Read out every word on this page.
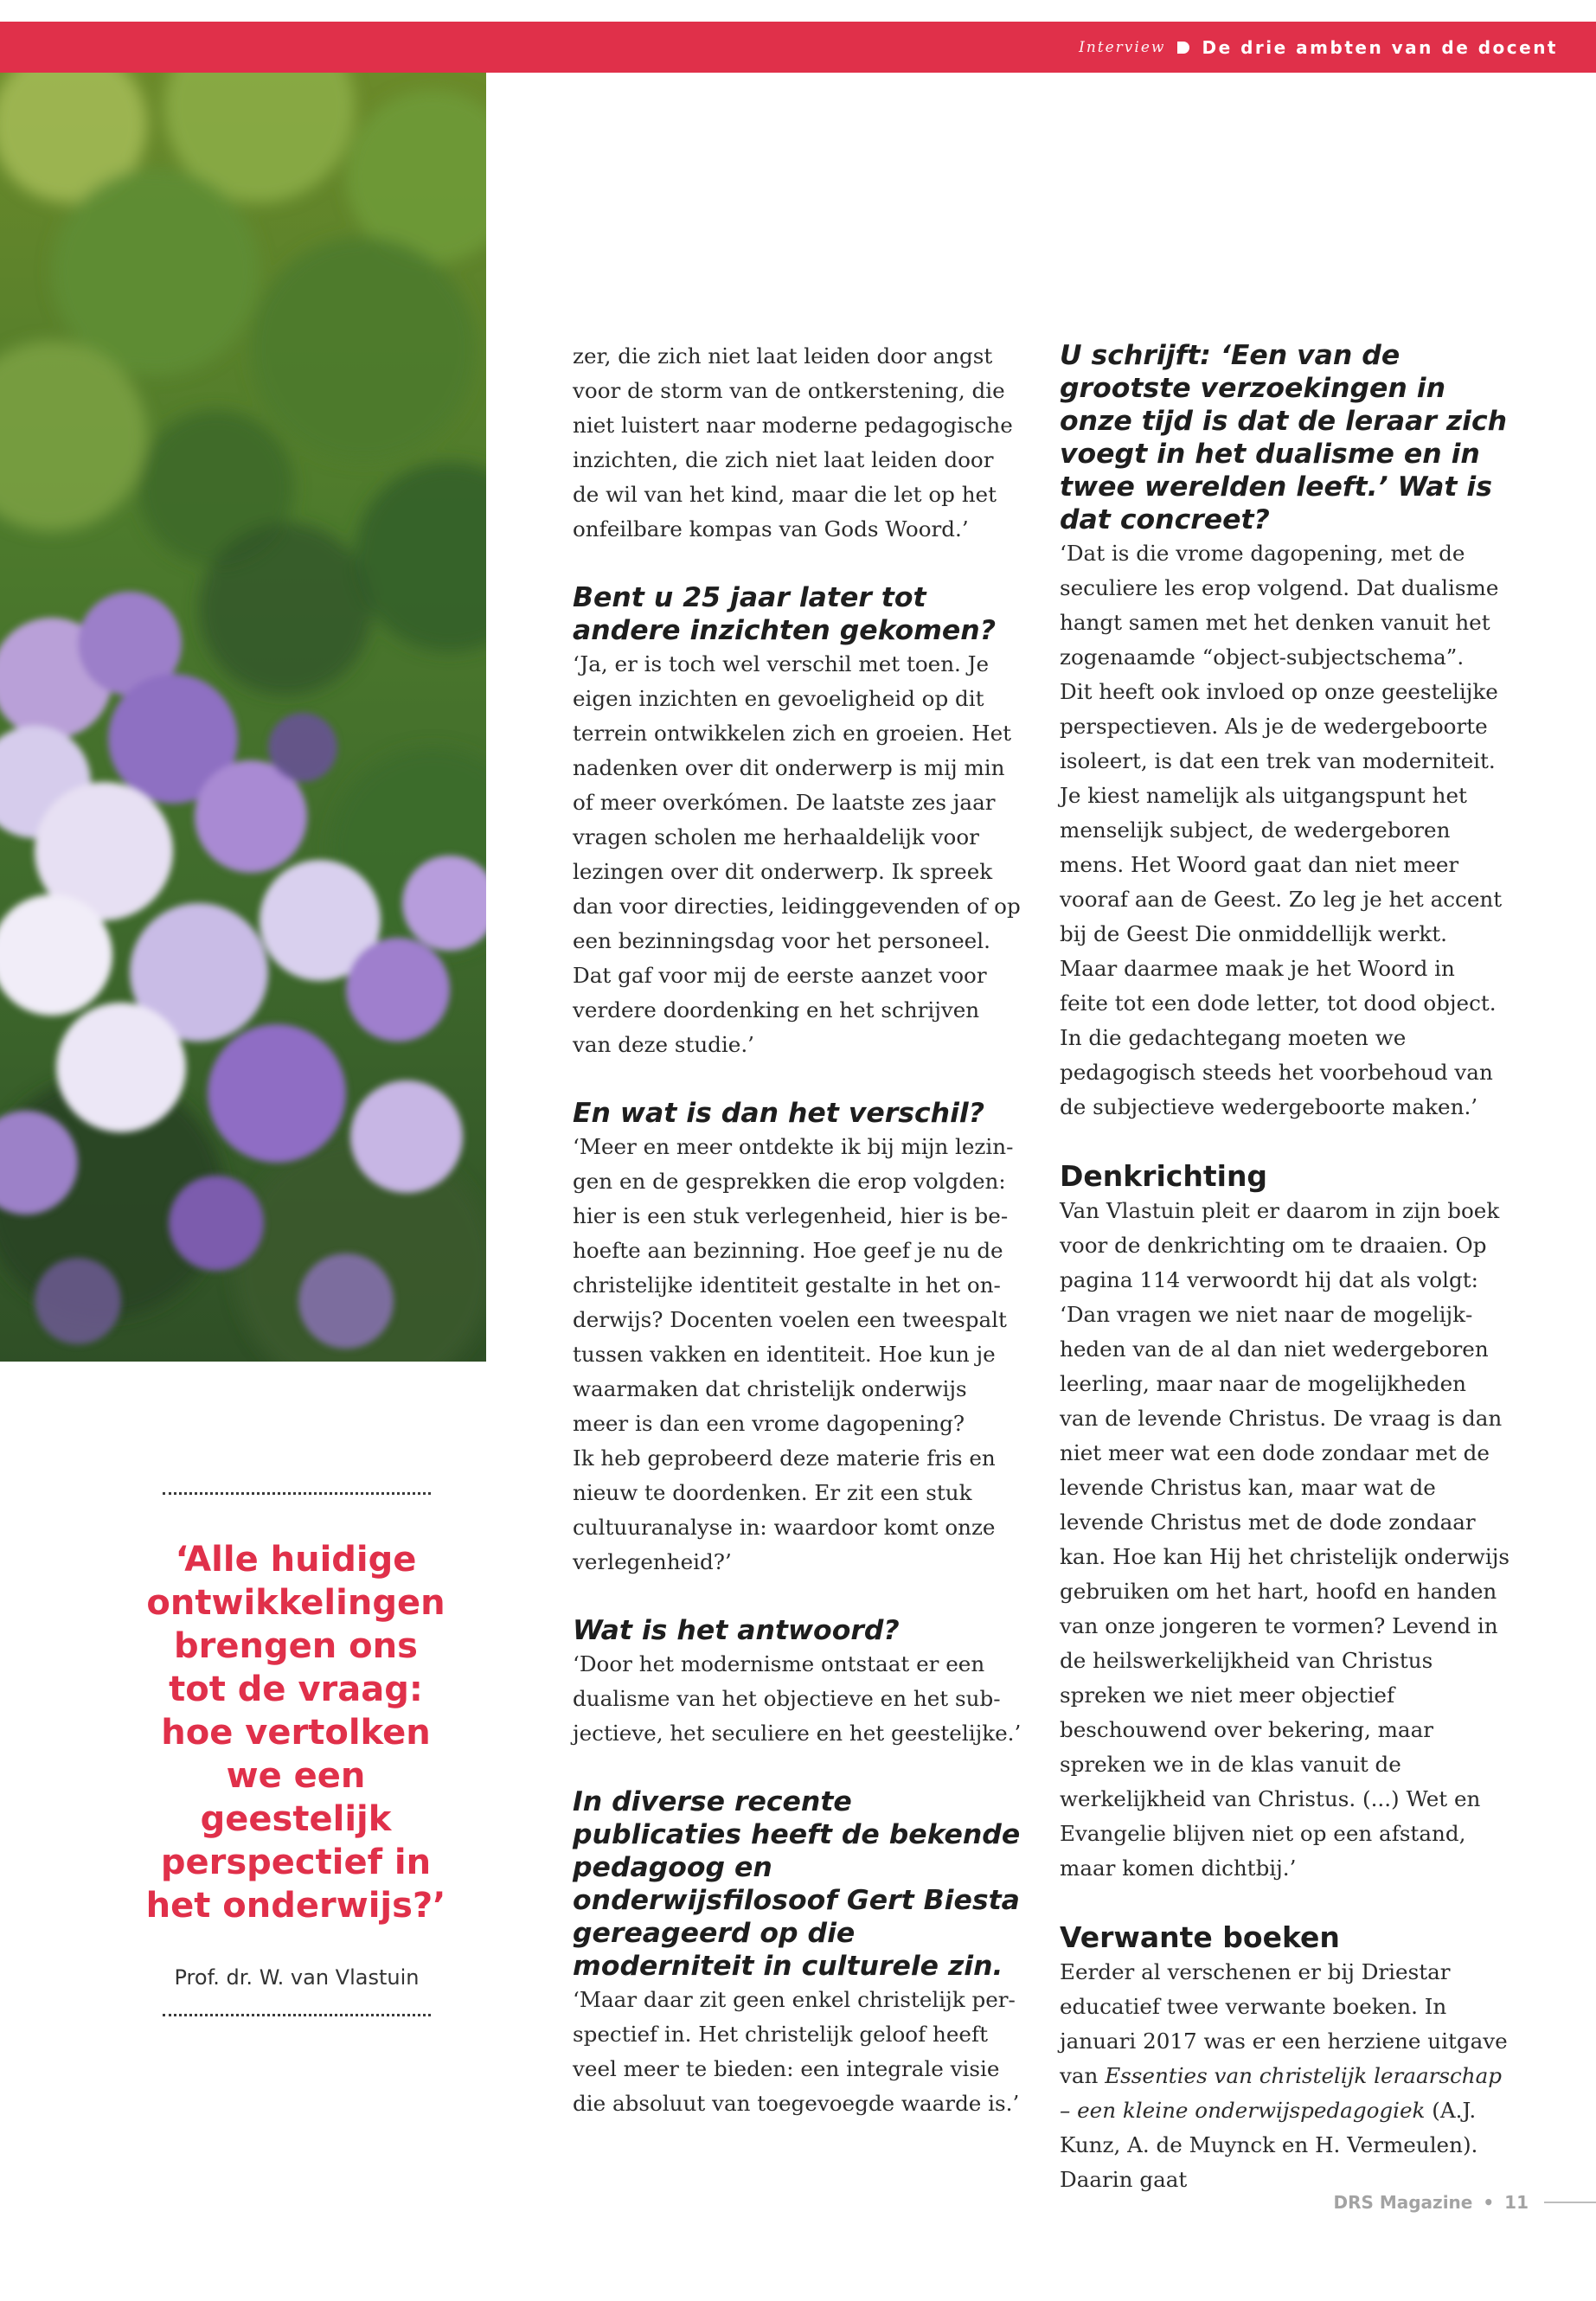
Interview De drie ambten van de docent
‘Alle huidige ontwikkelingen brengen ons tot de vraag: hoe vertolken we een geestelijk perspectief in het onderwijs?’
Prof. dr. W. van Vlastuin

zer, die zich niet laat leiden door angst voor de storm van de ontkerstening, die niet luistert naar moderne pedagogische inzichten, die zich niet laat leiden door de wil van het kind, maar die let op het onfeilbare kompas van Gods Woord.’

Bent u 25 jaar later tot andere inzichten gekomen?

‘Ja, er is toch wel verschil met toen. Je eigen inzichten en gevoeligheid op dit terrein ontwikkelen zich en groeien. Het nadenken over dit onderwerp is mij min of meer overkómen. De laatste zes jaar vragen scholen me herhaaldelijk voor lezingen over dit onderwerp. Ik spreek dan voor directies, leidinggevenden of op een bezinningsdag voor het personeel. Dat gaf voor mij de eerste aanzet voor verdere doordenking en het schrijven van deze studie.’

En wat is dan het verschil?

‘Meer en meer ontdekte ik bij mijn lezingen en de gesprekken die erop volgden: hier is een stuk verlegenheid, hier is behoefte aan bezinning. Hoe geef je nu de christelijke identiteit gestalte in het onderwijs? Docenten voelen een tweespalt tussen vakken en identiteit. Hoe kun je waarmaken dat christelijk onderwijs meer is dan een vrome dagopening?

Ik heb geprobeerd deze materie fris en nieuw te doordenken. Er zit een stuk cultuuranalyse in: waardoor komt onze verlegenheid?’

Wat is het antwoord?

‘Door het modernisme ontstaat er een dualisme van het objectieve en het subjectieve, het seculiere en het geestelijke.’

In diverse recente publicaties heeft de bekende pedagoog en onderwijsfilosoof Gert Biesta gereageerd op die moderniteit in culturele zin.

‘Maar daar zit geen enkel christelijk perspectief in. Het christelijk geloof heeft veel meer te bieden: een integrale visie die absoluut van toegevoegde waarde is.’

U schrijft: ‘Een van de grootste verzoekingen in onze tijd is dat de leraar zich voegt in het dualisme en in twee werelden leeft.’ Wat is dat concreet?

‘Dat is die vrome dagopening, met de seculiere les erop volgend. Dat dualisme hangt samen met het denken vanuit het zogenaamde “object-subjectschema”.

Dit heeft ook invloed op onze geestelijke perspectieven. Als je de wedergeboorte isoleert, is dat een trek van moderniteit. Je kiest namelijk als uitgangspunt het menselijk subject, de wedergeboren mens. Het Woord gaat dan niet meer vooraf aan de Geest. Zo leg je het accent bij de Geest Die onmiddellijk werkt. Maar daarmee maak je het Woord in feite tot een dode letter, tot dood object. In die gedachtegang moeten we pedagogisch steeds het voorbehoud van de subjectieve wedergeboorte maken.’

Denkrichting

Van Vlastuin pleit er daarom in zijn boek voor de denkrichting om te draaien. Op pagina 114 verwoordt hij dat als volgt: ‘Dan vragen we niet naar de mogelijkheden van de al dan niet wedergeboren leerling, maar naar de mogelijkheden van de levende Christus. De vraag is dan niet meer wat een dode zondaar met de levende Christus kan, maar wat de levende Christus met de dode zondaar kan. Hoe kan Hij het christelijk onderwijs gebruiken om het hart, hoofd en handen van onze jongeren te vormen? Levend in de heilswerkelijkheid van Christus spreken we niet meer objectief beschouwend over bekering, maar spreken we in de klas vanuit de werkelijkheid van Christus. (...) Wet en Evangelie blijven niet op een afstand, maar komen dichtbij.’

Verwante boeken

Eerder al verschenen er bij Driestar educatief twee verwante boeken. In januari 2017 was er een herziene uitgave van Essenties van christelijk leraarschap – een kleine onderwijspedagogiek (A.J. Kunz, A. de Muynck en H. Vermeulen). Daarin gaat

DRS Magazine • 11
